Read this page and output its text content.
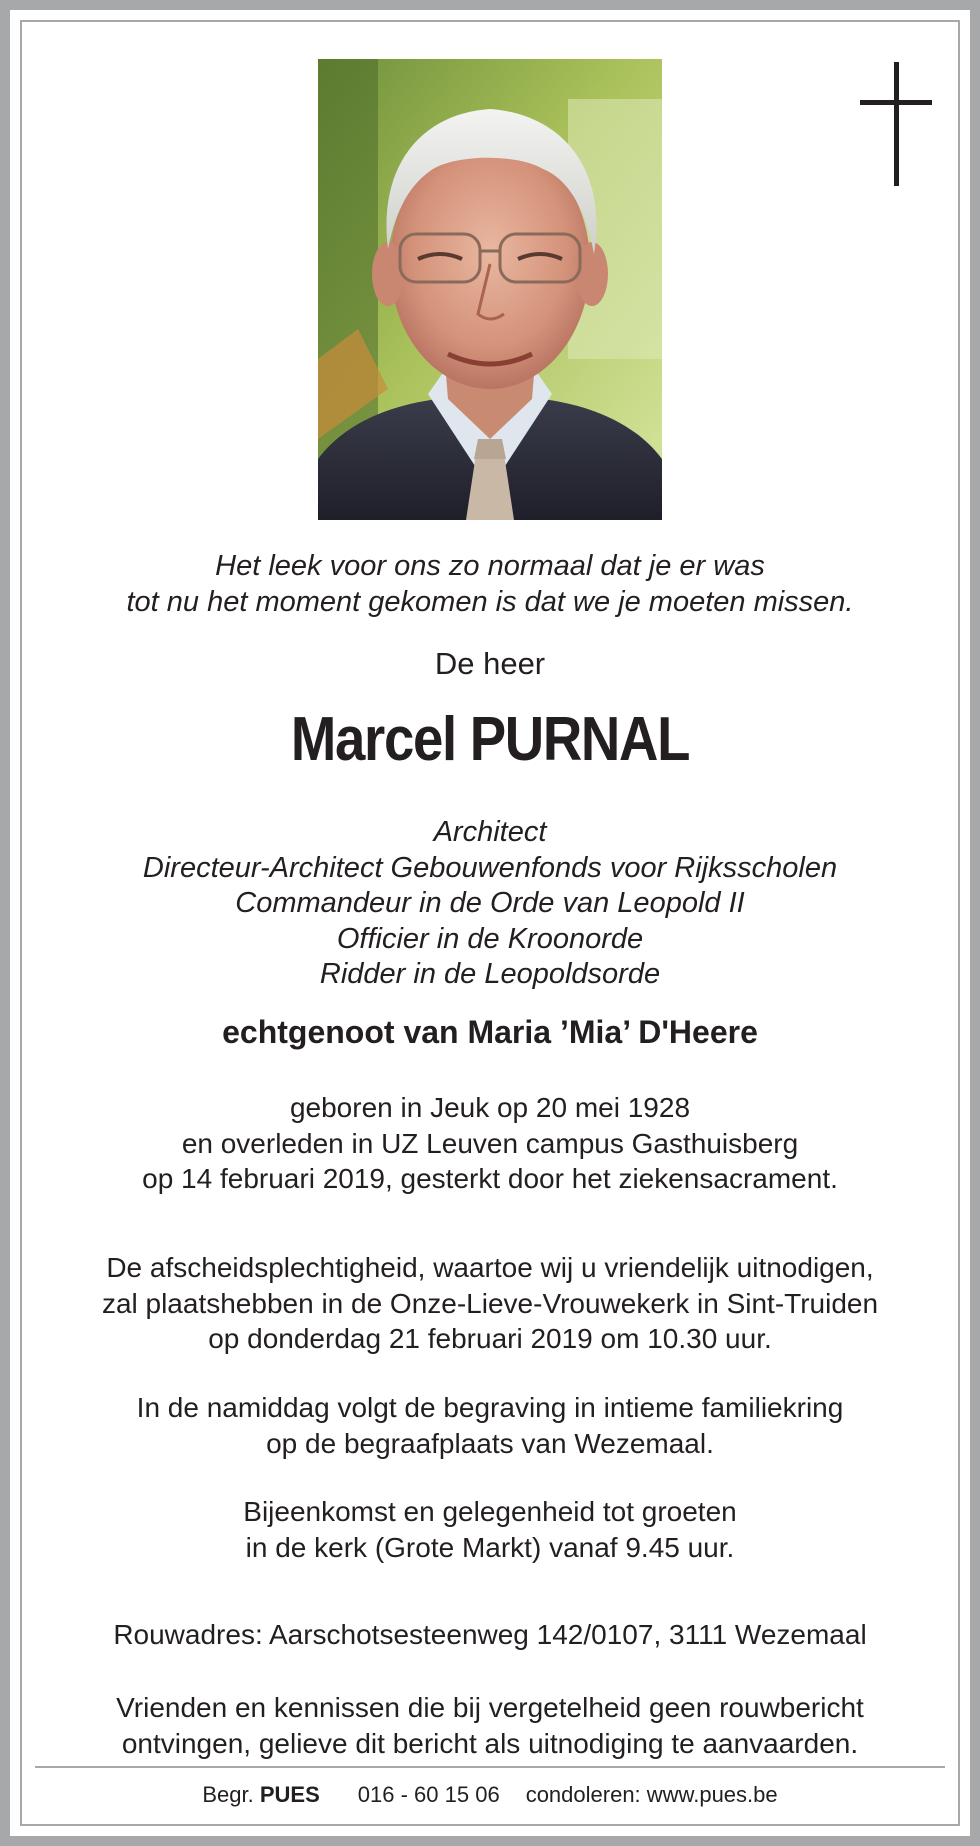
Het leek voor ons zo normaal dat je er was
tot nu het moment gekomen is dat we je moeten missen.
De heer
Marcel PURNAL
Architect
Directeur-Architect Gebouwenfonds voor Rijksscholen
Commandeur in de Orde van Leopold II
Officier in de Kroonorde
Ridder in de Leopoldsorde
echtgenoot van Maria ’Mia’ D'Heere
geboren in Jeuk op 20 mei 1928
en overleden in UZ Leuven campus Gasthuisberg
op 14 februari 2019, gesterkt door het ziekensacrament.
De afscheidsplechtigheid, waartoe wij u vriendelijk uitnodigen,
zal plaatshebben in de Onze-Lieve-Vrouwekerk in Sint-Truiden
op donderdag 21 februari 2019 om 10.30 uur.
In de namiddag volgt de begraving in intieme familiekring
op de begraafplaats van Wezemaal.
Bijeenkomst en gelegenheid tot groeten
in de kerk (Grote Markt) vanaf 9.45 uur.
Rouwadres: Aarschotsesteenweg 142/0107, 3111 Wezemaal
Vrienden en kennissen die bij vergetelheid geen rouwbericht
ontvingen, gelieve dit bericht als uitnodiging te aanvaarden.
Begr. PUES 016 - 60 15 06 condoleren: www.pues.be
